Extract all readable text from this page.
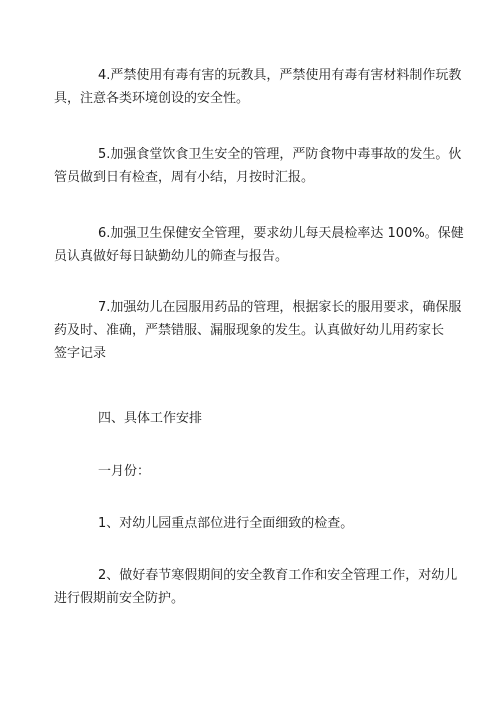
4.严禁使用有毒有害的玩教具，严禁使用有毒有害材料制作玩教
具，注意各类环境创设的安全性。

5.加强食堂饮食卫生安全的管理，严防食物中毒事故的发生。伙
管员做到日有检查，周有小结，月按时汇报。

6.加强卫生保健安全管理，要求幼儿每天晨检率达 100%。保健
员认真做好每日缺勤幼儿的筛查与报告。

7.加强幼儿在园服用药品的管理，根据家长的服用要求，确保服
药及时、准确，严禁错服、漏服现象的发生。认真做好幼儿用药家长
签字记录

四、具体工作安排

一月份：

1、对幼儿园重点部位进行全面细致的检查。

2、做好春节寒假期间的安全教育工作和安全管理工作，对幼儿
进行假期前安全防护。
